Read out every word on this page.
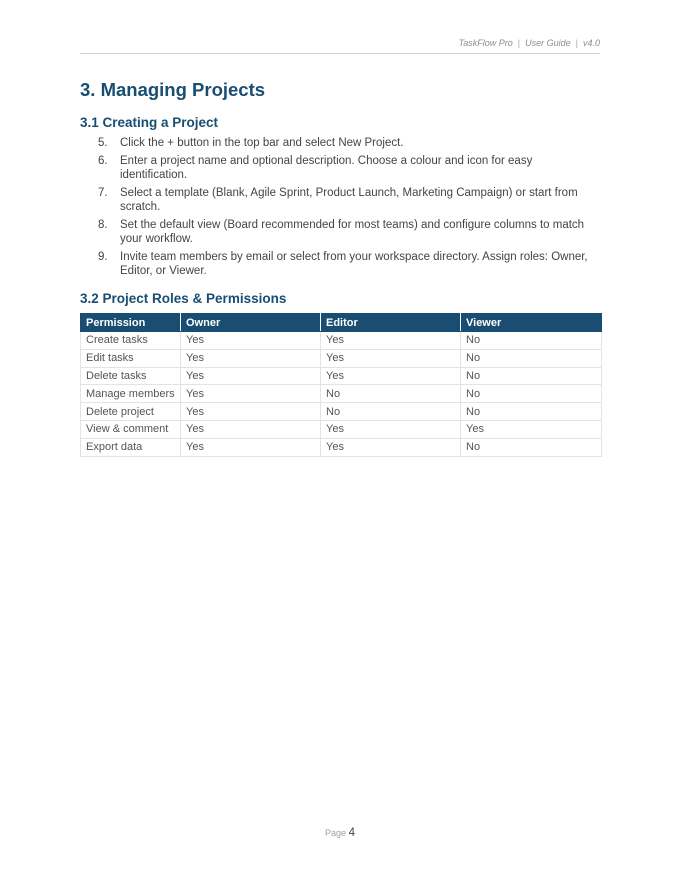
TaskFlow Pro | User Guide | v4.0
3. Managing Projects
3.1 Creating a Project
5.	Click the + button in the top bar and select New Project.
6.	Enter a project name and optional description. Choose a colour and icon for easy identification.
7.	Select a template (Blank, Agile Sprint, Product Launch, Marketing Campaign) or start from scratch.
8.	Set the default view (Board recommended for most teams) and configure columns to match your workflow.
9.	Invite team members by email or select from your workspace directory. Assign roles: Owner, Editor, or Viewer.
3.2 Project Roles & Permissions
Permission	Owner	Editor	Viewer
Create tasks	Yes	Yes	No
Edit tasks	Yes	Yes	No
Delete tasks	Yes	Yes	No
Manage members	Yes	No	No
Delete project	Yes	No	No
View & comment	Yes	Yes	Yes
Export data	Yes	Yes	No
Page 4
